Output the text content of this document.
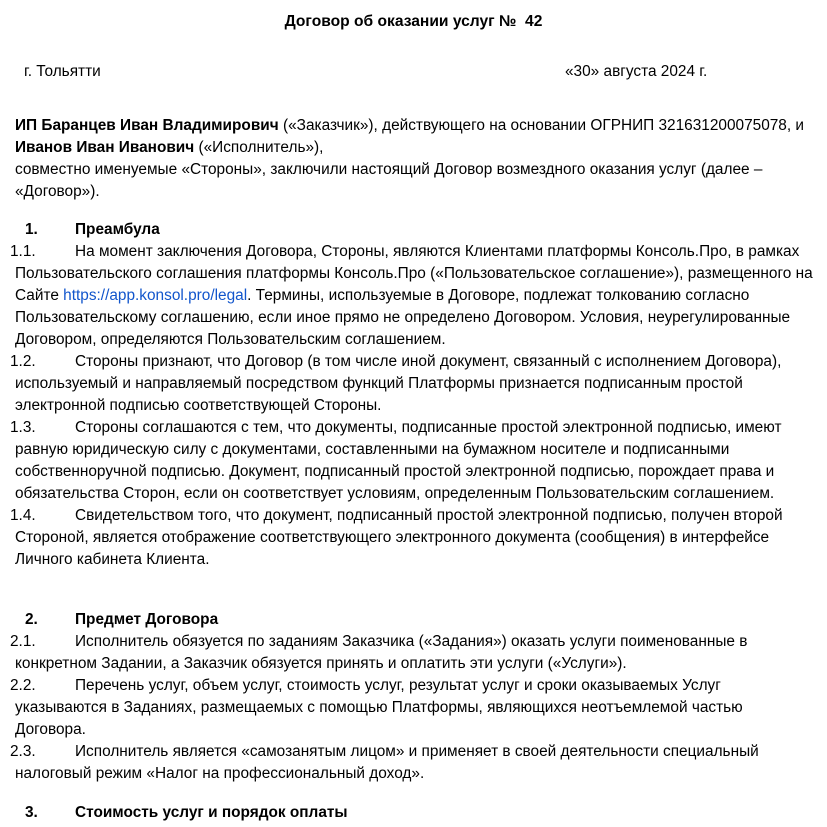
Договор об оказании услуг №  42
г. Тольятти	«30» августа 2024 г.
ИП Баранцев Иван Владимирович («Заказчик»), действующего на основании ОГРНИП 321631200075078, и Иванов Иван Иванович («Исполнитель»),
совместно именуемые «Стороны», заключили настоящий Договор возмездного оказания услуг (далее – «Договор»).
1. Преамбула
1.1.	На момент заключения Договора, Стороны, являются Клиентами платформы Консоль.Про, в рамках Пользовательского соглашения платформы Консоль.Про («Пользовательское соглашение»), размещенного на Сайте https://app.konsol.pro/legal. Термины, используемые в Договоре, подлежат толкованию согласно Пользовательскому соглашению, если иное прямо не определено Договором. Условия, неурегулированные Договором, определяются Пользовательским соглашением.
1.2.	Стороны признают, что Договор (в том числе иной документ, связанный с исполнением Договора), используемый и направляемый посредством функций Платформы признается подписанным простой электронной подписью соответствующей Стороны.
1.3.	Стороны соглашаются с тем, что документы, подписанные простой электронной подписью, имеют равную юридическую силу с документами, составленными на бумажном носителе и подписанными собственноручной подписью. Документ, подписанный простой электронной подписью, порождает права и обязательства Сторон, если он соответствует условиям, определенным Пользовательским соглашением.
1.4.	Свидетельством того, что документ, подписанный простой электронной подписью, получен второй Стороной, является отображение соответствующего электронного документа (сообщения) в интерфейсе Личного кабинета Клиента.
2. Предмет Договора
2.1.	Исполнитель обязуется по заданиям Заказчика («Задания») оказать услуги поименованные в конкретном Задании, а Заказчик обязуется принять и оплатить эти услуги («Услуги»).
2.2.	Перечень услуг, объем услуг, стоимость услуг, результат услуг и сроки оказываемых Услуг указываются в Заданиях, размещаемых с помощью Платформы, являющихся неотъемлемой частью Договора.
2.3.	Исполнитель является «самозанятым лицом» и применяет в своей деятельности специальный налоговый режим «Налог на профессиональный доход».
3. Стоимость услуг и порядок оплаты
